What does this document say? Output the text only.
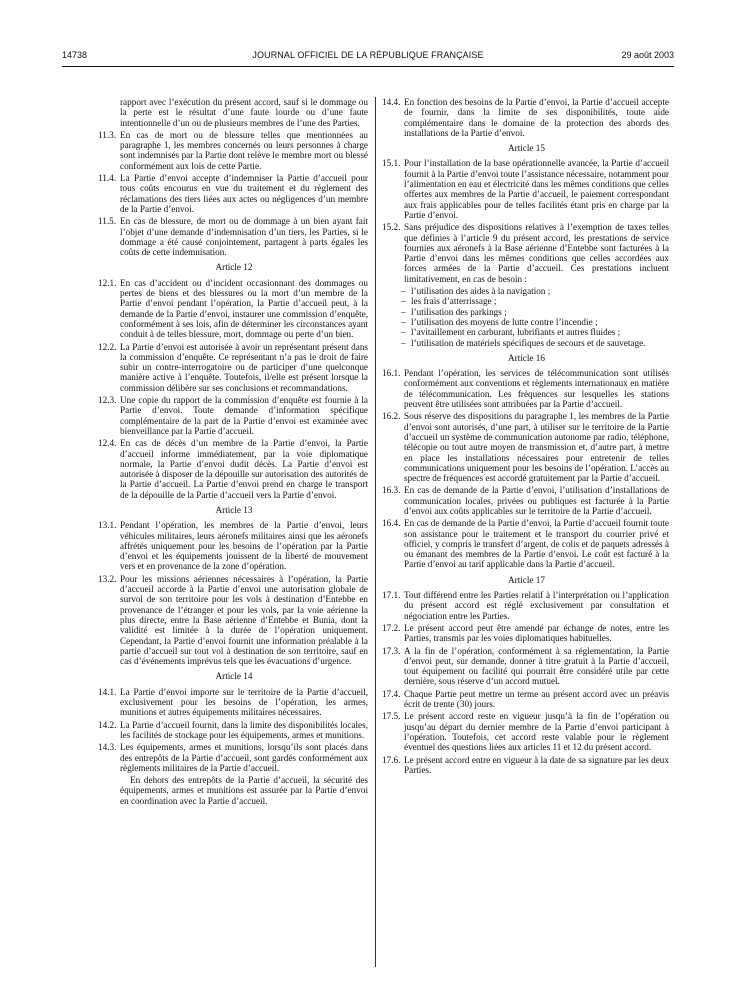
14738	JOURNAL OFFICIEL DE LA RÉPUBLIQUE FRANÇAISE	29 août 2003
rapport avec l’exécution du présent accord, sauf si le dommage ou la perte est le résultat d’une faute lourde ou d’une faute intentionnelle d’un ou de plusieurs membres de l’une des Parties.
11.3. En cas de mort ou de blessure telles que mentionnées au paragraphe 1, les membres concernés ou leurs personnes à charge sont indemnisés par la Partie dont relève le membre mort ou blessé conformément aux lois de cette Partie.
11.4. La Partie d’envoi accepte d’indemniser la Partie d’accueil pour tous coûts encourus en vue du traitement et du règlement des réclamations des tiers liées aux actes ou négligences d’un membre de la Partie d’envoi.
11.5. En cas de blessure, de mort ou de dommage à un bien ayant fait l’objet d’une demande d’indemnisation d’un tiers, les Parties, si le dommage a été causé conjointement, partagent à parts égales les coûts de cette indemnisation.
Article 12
12.1. En cas d’accident ou d’incident occasionnant des dommages ou pertes de biens et des blessures ou la mort d’un membre de la Partie d’envoi pendant l’opération, la Partie d’accueil peut, à la demande de la Partie d’envoi, instaurer une commission d’enquête, conformément à ses lois, afin de déterminer les circonstances ayant conduit à de telles blessure, mort, dommage ou perte d’un bien.
12.2. La Partie d’envoi est autorisée à avoir un représentant présent dans la commission d’enquête. Ce représentant n’a pas le droit de faire subir un contre-interrogatoire ou de participer d’une quelconque manière active à l’enquête. Toutefois, il/elle est présent lorsque la commission délibère sur ses conclusions et recommandations.
12.3. Une copie du rapport de la commission d’enquête est fournie à la Partie d’envoi. Toute demande d’information spécifique complémentaire de la part de la Partie d’envoi est examinée avec bienveillance par la Partie d’accueil.
12.4. En cas de décès d’un membre de la Partie d’envoi, la Partie d’accueil informe immédiatement, par la voie diplomatique normale, la Partie d’envoi dudit décès. La Partie d’envoi est autorisée à disposer de la dépouille sur autorisation des autorités de la Partie d’accueil. La Partie d’envoi prend en charge le transport de la dépouille de la Partie d’accueil vers la Partie d’envoi.
Article 13
13.1. Pendant l’opération, les membres de la Partie d’envoi, leurs véhicules militaires, leurs aéronefs militaires ainsi que les aéronefs affrétés uniquement pour les besoins de l’opération par la Partie d’envoi et les équipements jouissent de la liberté de mouvement vers et en provenance de la zone d’opération.
13.2. Pour les missions aériennes nécessaires à l’opération, la Partie d’accueil accorde à la Partie d’envoi une autorisation globale de survol de son territoire pour les vols à destination d’Entebbe en provenance de l’étranger et pour les vols, par la voie aérienne la plus directe, entre la Base aérienne d’Entebbe et Bunia, dont la validité est limitée à la durée de l’opération uniquement. Cependant, la Partie d’envoi fournit une information préalable à la partie d’accueil sur tout vol à destination de son territoire, sauf en cas d’événements imprévus tels que les évacuations d’urgence.
Article 14
14.1. La Partie d’envoi importe sur le territoire de la Partie d’accueil, exclusivement pour les besoins de l’opération, les armes, munitions et autres équipements militaires nécessaires.
14.2. La Partie d’accueil fournit, dans la limite des disponibilités locales, les facilités de stockage pour les équipements, armes et munitions.
14.3. Les équipements, armes et munitions, lorsqu’ils sont placés dans des entrepôts de la Partie d’accueil, sont gardés conformément aux règlements militaires de la Partie d’accueil.
En dehors des entrepôts de la Partie d’accueil, la sécurité des équipements, armes et munitions est assurée par la Partie d’envoi en coordination avec la Partie d’accueil.
14.4. En fonction des besoins de la Partie d’envoi, la Partie d’accueil accepte de fournir, dans la limite de ses disponibilités, toute aide complémentaire dans le domaine de la protection des abords des installations de la Partie d’envoi.
Article 15
15.1. Pour l’installation de la base opérationnelle avancée, la Partie d’accueil fournit à la Partie d’envoi toute l’assistance nécessaire, notamment pour l’alimentation en eau et électricité dans les mêmes conditions que celles offertes aux membres de la Partie d’accueil, le paiement correspondant aux frais applicables pour de telles facilités étant pris en charge par la Partie d’envoi.
15.2. Sans préjudice des dispositions relatives à l’exemption de taxes telles que définies à l’article 9 du présent accord, les prestations de service fournies aux aéronefs à la Base aérienne d’Entebbe sont facturées à la Partie d’envoi dans les mêmes conditions que celles accordées aux forces armées de la Partie d’accueil. Ces prestations incluent limitativement, en cas de besoin :
– l’utilisation des aides à la navigation ;
– les frais d’atterrissage ;
– l’utilisation des parkings ;
– l’utilisation des moyens de lutte contre l’incendie ;
– l’avitaillement en carburant, lubrifiants et autres fluides ;
– l’utilisation de matériels spécifiques de secours et de sauvetage.
Article 16
16.1. Pendant l’opération, les services de télécommunication sont utilisés conformément aux conventions et règlements internationaux en matière de télécommunication. Les fréquences sur lesquelles les stations peuvent être utilisées sont attribuées par la Partie d’accueil.
16.2. Sous réserve des dispositions du paragraphe 1, les membres de la Partie d’envoi sont autorisés, d’une part, à utiliser sur le territoire de la Partie d’accueil un système de communication autonome par radio, téléphone, télécopie ou tout autre moyen de transmission et, d’autre part, à mettre en place les installations nécessaires pour entretenir de telles communications uniquement pour les besoins de l’opération. L’accès au spectre de fréquences est accordé gratuitement par la Partie d’accueil.
16.3. En cas de demande de la Partie d’envoi, l’utilisation d’installations de communication locales, privées ou publiques est facturée à la Partie d’envoi aux coûts applicables sur le territoire de la Partie d’accueil.
16.4. En cas de demande de la Partie d’envoi, la Partie d’accueil fournit toute son assistance pour le traitement et le transport du courrier privé et officiel, y compris le transfert d’argent, de colis et de paquets adressés à ou émanant des membres de la Partie d’envoi. Le coût est facturé à la Partie d’envoi au tarif applicable dans la Partie d’accueil.
Article 17
17.1. Tout différend entre les Parties relatif à l’interprétation ou l’application du présent accord est réglé exclusivement par consultation et négociation entre les Parties.
17.2. Le présent accord peut être amendé par échange de notes, entre les Parties, transmis par les voies diplomatiques habituelles.
17.3. A la fin de l’opération, conformément à sa réglementation, la Partie d’envoi peut, sur demande, donner à titre gratuit à la Partie d’accueil, tout équipement ou facilité qui pourrait être considéré utile par cette dernière, sous réserve d’un accord mutuel.
17.4. Chaque Partie peut mettre un terme au présent accord avec un préavis écrit de trente (30) jours.
17.5. Le présent accord reste en vigueur jusqu’à la fin de l’opération ou jusqu’au départ du dernier membre de la Partie d’envoi participant à l’opération. Toutefois, cet accord reste valable pour le règlement éventuel des questions liées aux articles 11 et 12 du présent accord.
17.6. Le présent accord entre en vigueur à la date de sa signature par les deux Parties.
